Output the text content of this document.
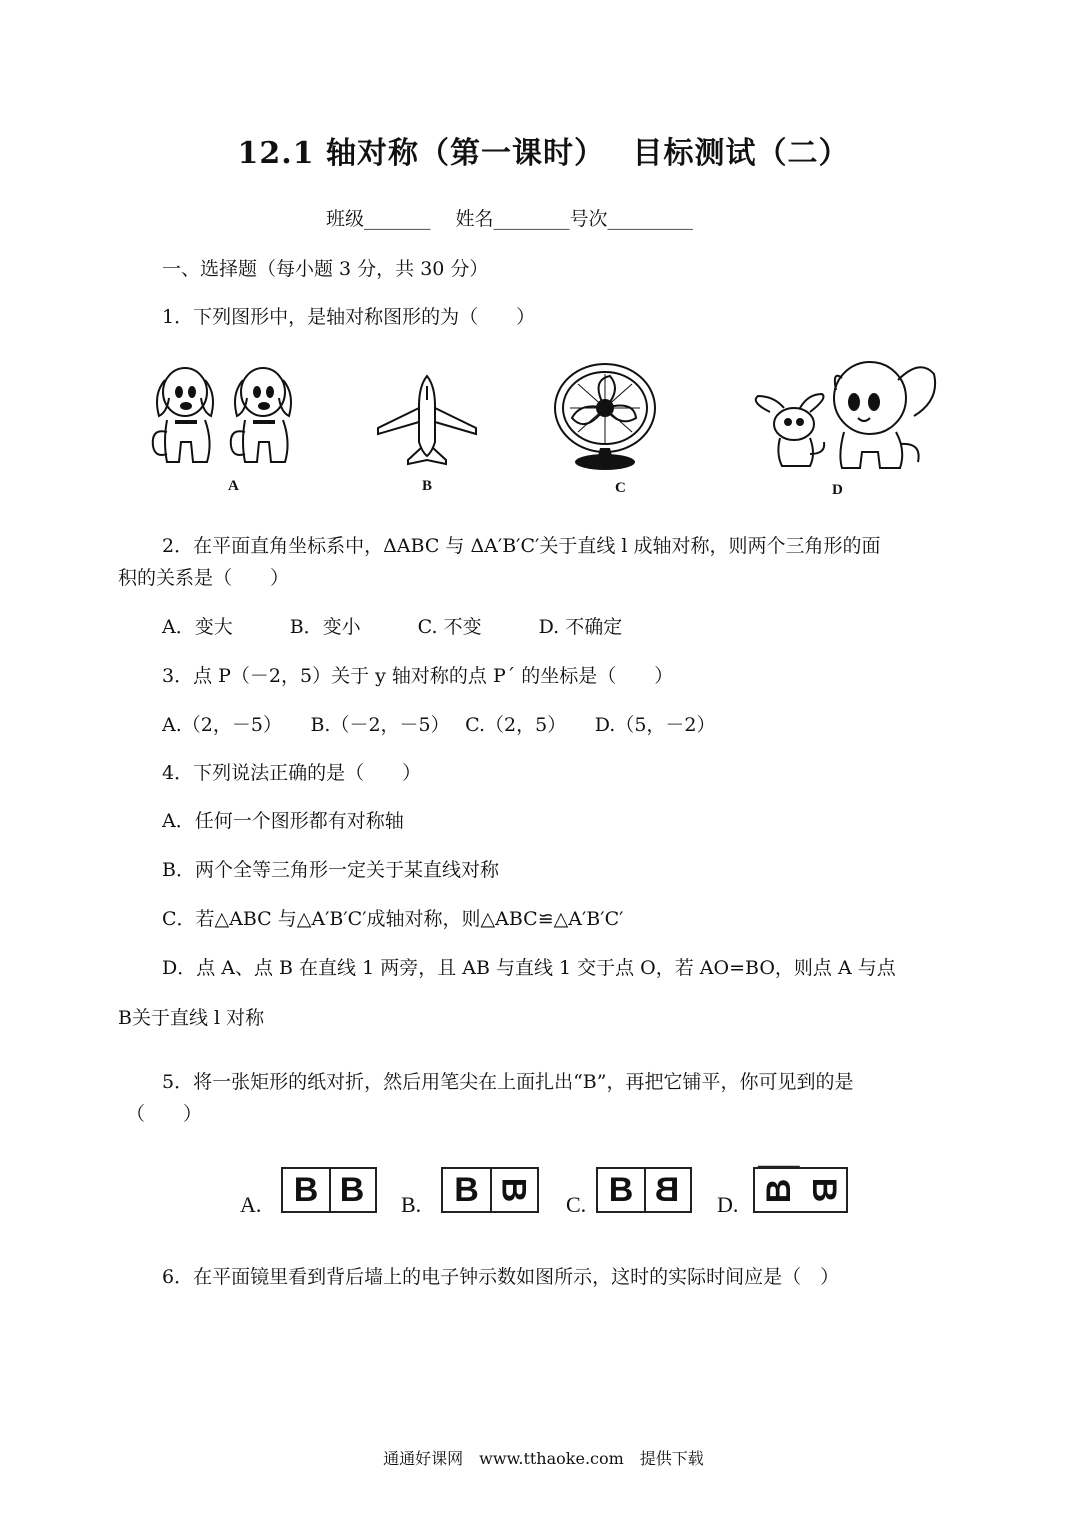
12.1 轴对称（第一课时）　 目标测试（二）
班级_______　 姓名________号次_________
一、选择题（每小题 3 分，共 30 分）
1．下列图形中，是轴对称图形的为（　　）
A	B	C	D
2．在平面直角坐标系中，ΔABC 与 ΔA′B′C′关于直线 l 成轴对称，则两个三角形的面
积的关系是（　　）
A．变大　　　B．变小　　　C. 不变　　　D. 不确定
3．点 P（－2，5）关于 y 轴对称的点 P´ 的坐标是（　　）
A.（2，－5）　　B.（－2，－5）　 C.（2，5）　　D.（5，－2）
4．下列说法正确的是（　　）
A．任何一个图形都有对称轴
B．两个全等三角形一定关于某直线对称
C．若△ABC 与△A′B′C′成轴对称，则△ABC≌△A′B′C′
D．点 A、点 B 在直线 1 两旁，且 AB 与直线 1 交于点 O，若 AO=BO，则点 A 与点
B关于直线 l 对称
5．将一张矩形的纸对折，然后用笔尖在上面扎出“B”，再把它铺平，你可见到的是
（　　）
A. B B	B. B B
C. B B	D.
B B
6．在平面镜里看到背后墙上的电子钟示数如图所示，这时的实际时间应是（　）
通通好课网　www.tthaoke.com　提供下载
